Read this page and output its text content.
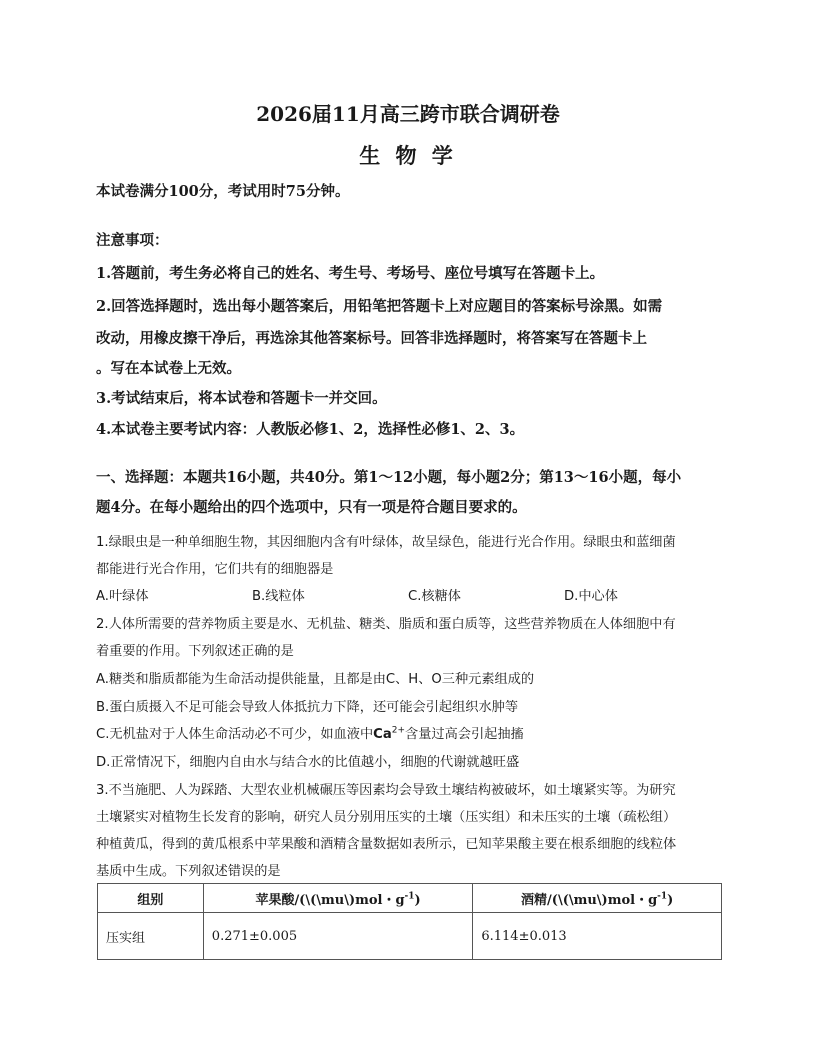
2026届11月高三跨市联合调研卷
生 物 学
本试卷满分100分，考试用时75分钟。
注意事项：
1.答题前，考生务必将自己的姓名、考生号、考场号、座位号填写在答题卡上。
2.回答选择题时，选出每小题答案后，用铅笔把答题卡上对应题目的答案标号涂黑。如需
改动，用橡皮擦干净后，再选涂其他答案标号。回答非选择题时，将答案写在答题卡上
。写在本试卷上无效。
3.考试结束后，将本试卷和答题卡一并交回。
4.本试卷主要考试内容：人教版必修1、2，选择性必修1、2、3。
一、选择题：本题共16小题，共40分。第1～12小题，每小题2分；第13～16小题，每小
题4分。在每小题给出的四个选项中，只有一项是符合题目要求的。
1.绿眼虫是一种单细胞生物，其因细胞内含有叶绿体，故呈绿色，能进行光合作用。绿眼虫和蓝细菌
都能进行光合作用，它们共有的细胞器是
A.叶绿体	B.线粒体	C.核糖体	D.中心体
2.人体所需要的营养物质主要是水、无机盐、糖类、脂质和蛋白质等，这些营养物质在人体细胞中有
着重要的作用。下列叙述正确的是
A.糖类和脂质都能为生命活动提供能量，且都是由C、H、O三种元素组成的
B.蛋白质摄入不足可能会导致人体抵抗力下降，还可能会引起组织水肿等
C.无机盐对于人体生命活动必不可少，如血液中$Ca^{2+}$含量过高会引起抽搐
D.正常情况下，细胞内自由水与结合水的比值越小，细胞的代谢就越旺盛
3.不当施肥、人为踩踏、大型农业机械碾压等因素均会导致土壤结构被破坏，如土壤紧实等。为研究
土壤紧实对植物生长发育的影响，研究人员分别用压实的土壤（压实组）和未压实的土壤（疏松组）
种植黄瓜，得到的黄瓜根系中苹果酸和酒精含量数据如表所示，已知苹果酸主要在根系细胞的线粒体
基质中生成。下列叙述错误的是
组别	苹果酸/(\(\mu\)mol・$g^{-1}$)	酒精/(\(\mu\)mol・$g^{-1}$)
压实组	0.271±0.005	6.114±0.013
